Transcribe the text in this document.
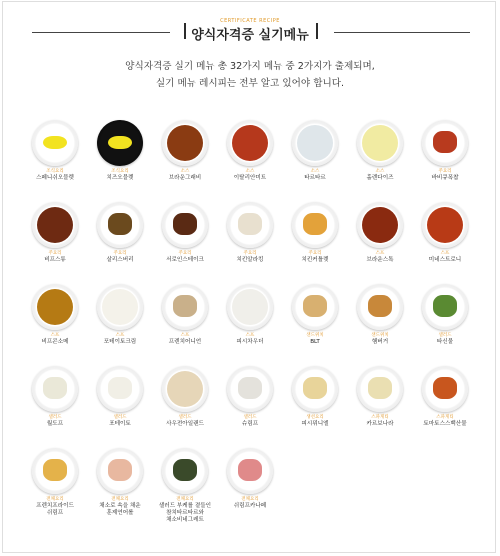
CERTIFICATE RECIPE
양식자격증 실기메뉴
양식자격증 실기 메뉴 총 32가지 메뉴 중 2가지가 출제되며,
실기 메뉴 레시피는 전부 알고 있어야 합니다.
조식요리
스페니쉬오믈렛
조식요리
치즈오믈렛
소스
브라운그래비
소스
이탈리안미트
소스
타르타르
소스
홀렌다이즈
주요리
바비큐폭찹
주요리
비프스튜
주요리
살리스버리
주요리
서로인스테이크
주요리
치킨알라킹
주요리
치킨커틀렛
스프
브라운스톡
스프
미네스트로니
스프
비프콘소메
스프
포테이토크림
스프
프렌치어니언
스프
피시차우더
샌드위치
BLT
샌드위치
햄버거
샐러드
타신물
샐러드
월도프
샐러드
포테이토
샐러드
사우전아일랜드
샐러드
슈림프
생선요리
피시뮈니엘
스파게티
카르보나라
스파게티
토마토스스백산물
전채요리
프렌치프라이드
쉬림프
전채요리
채소로 속을 채운
훈제연어롤
전채요리
샐러드 부케를 곁들인
참치타르타르와
채소비네그레트
전채요리
쉬림프카나페
